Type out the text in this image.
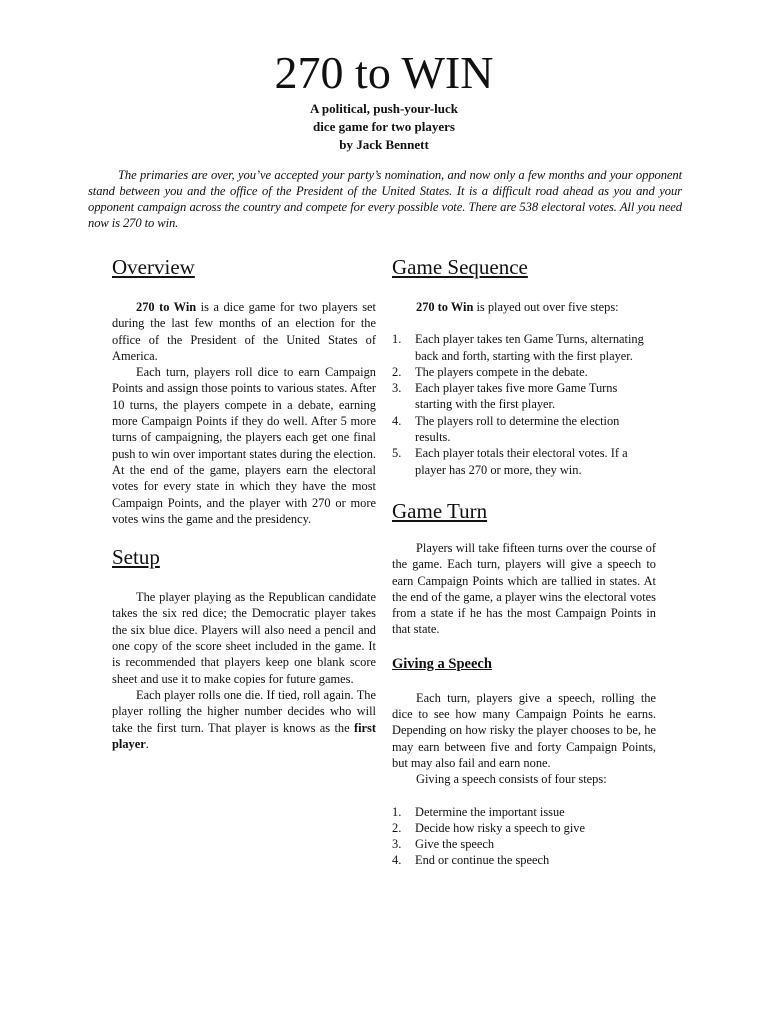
270 to WIN
A political, push-your-luck
dice game for two players
by Jack Bennett

The primaries are over, you’ve accepted your party’s nomination, and now only a few months and your opponent stand between you and the office of the President of the United States. It is a difficult road ahead as you and your opponent campaign across the country and compete for every possible vote. There are 538 electoral votes. All you need now is 270 to win.

Overview

270 to Win is a dice game for two players set during the last few months of an election for the office of the President of the United States of America.

Each turn, players roll dice to earn Campaign Points and assign those points to various states. After 10 turns, the players compete in a debate, earning more Campaign Points if they do well. After 5 more turns of campaigning, the players each get one final push to win over important states during the election. At the end of the game, players earn the electoral votes for every state in which they have the most Campaign Points, and the player with 270 or more votes wins the game and the presidency.

Setup

The player playing as the Republican candidate takes the six red dice; the Democratic player takes the six blue dice. Players will also need a pencil and one copy of the score sheet included in the game. It is recommended that players keep one blank score sheet and use it to make copies for future games.

Each player rolls one die. If tied, roll again. The player rolling the higher number decides who will take the first turn. That player is knows as the first player.

Game Sequence

270 to Win is played out over five steps:

1. Each player takes ten Game Turns, alternating back and forth, starting with the first player.
2. The players compete in the debate.
3. Each player takes five more Game Turns starting with the first player.
4. The players roll to determine the election results.
5. Each player totals their electoral votes. If a player has 270 or more, they win.
Game Turn

Players will take fifteen turns over the course of the game. Each turn, players will give a speech to earn Campaign Points which are tallied in states. At the end of the game, a player wins the electoral votes from a state if he has the most Campaign Points in that state.

Giving a Speech

Each turn, players give a speech, rolling the dice to see how many Campaign Points he earns. Depending on how risky the player chooses to be, he may earn between five and forty Campaign Points, but may also fail and earn none.

Giving a speech consists of four steps:

1. Determine the important issue
2. Decide how risky a speech to give
3. Give the speech
4. End or continue the speech
